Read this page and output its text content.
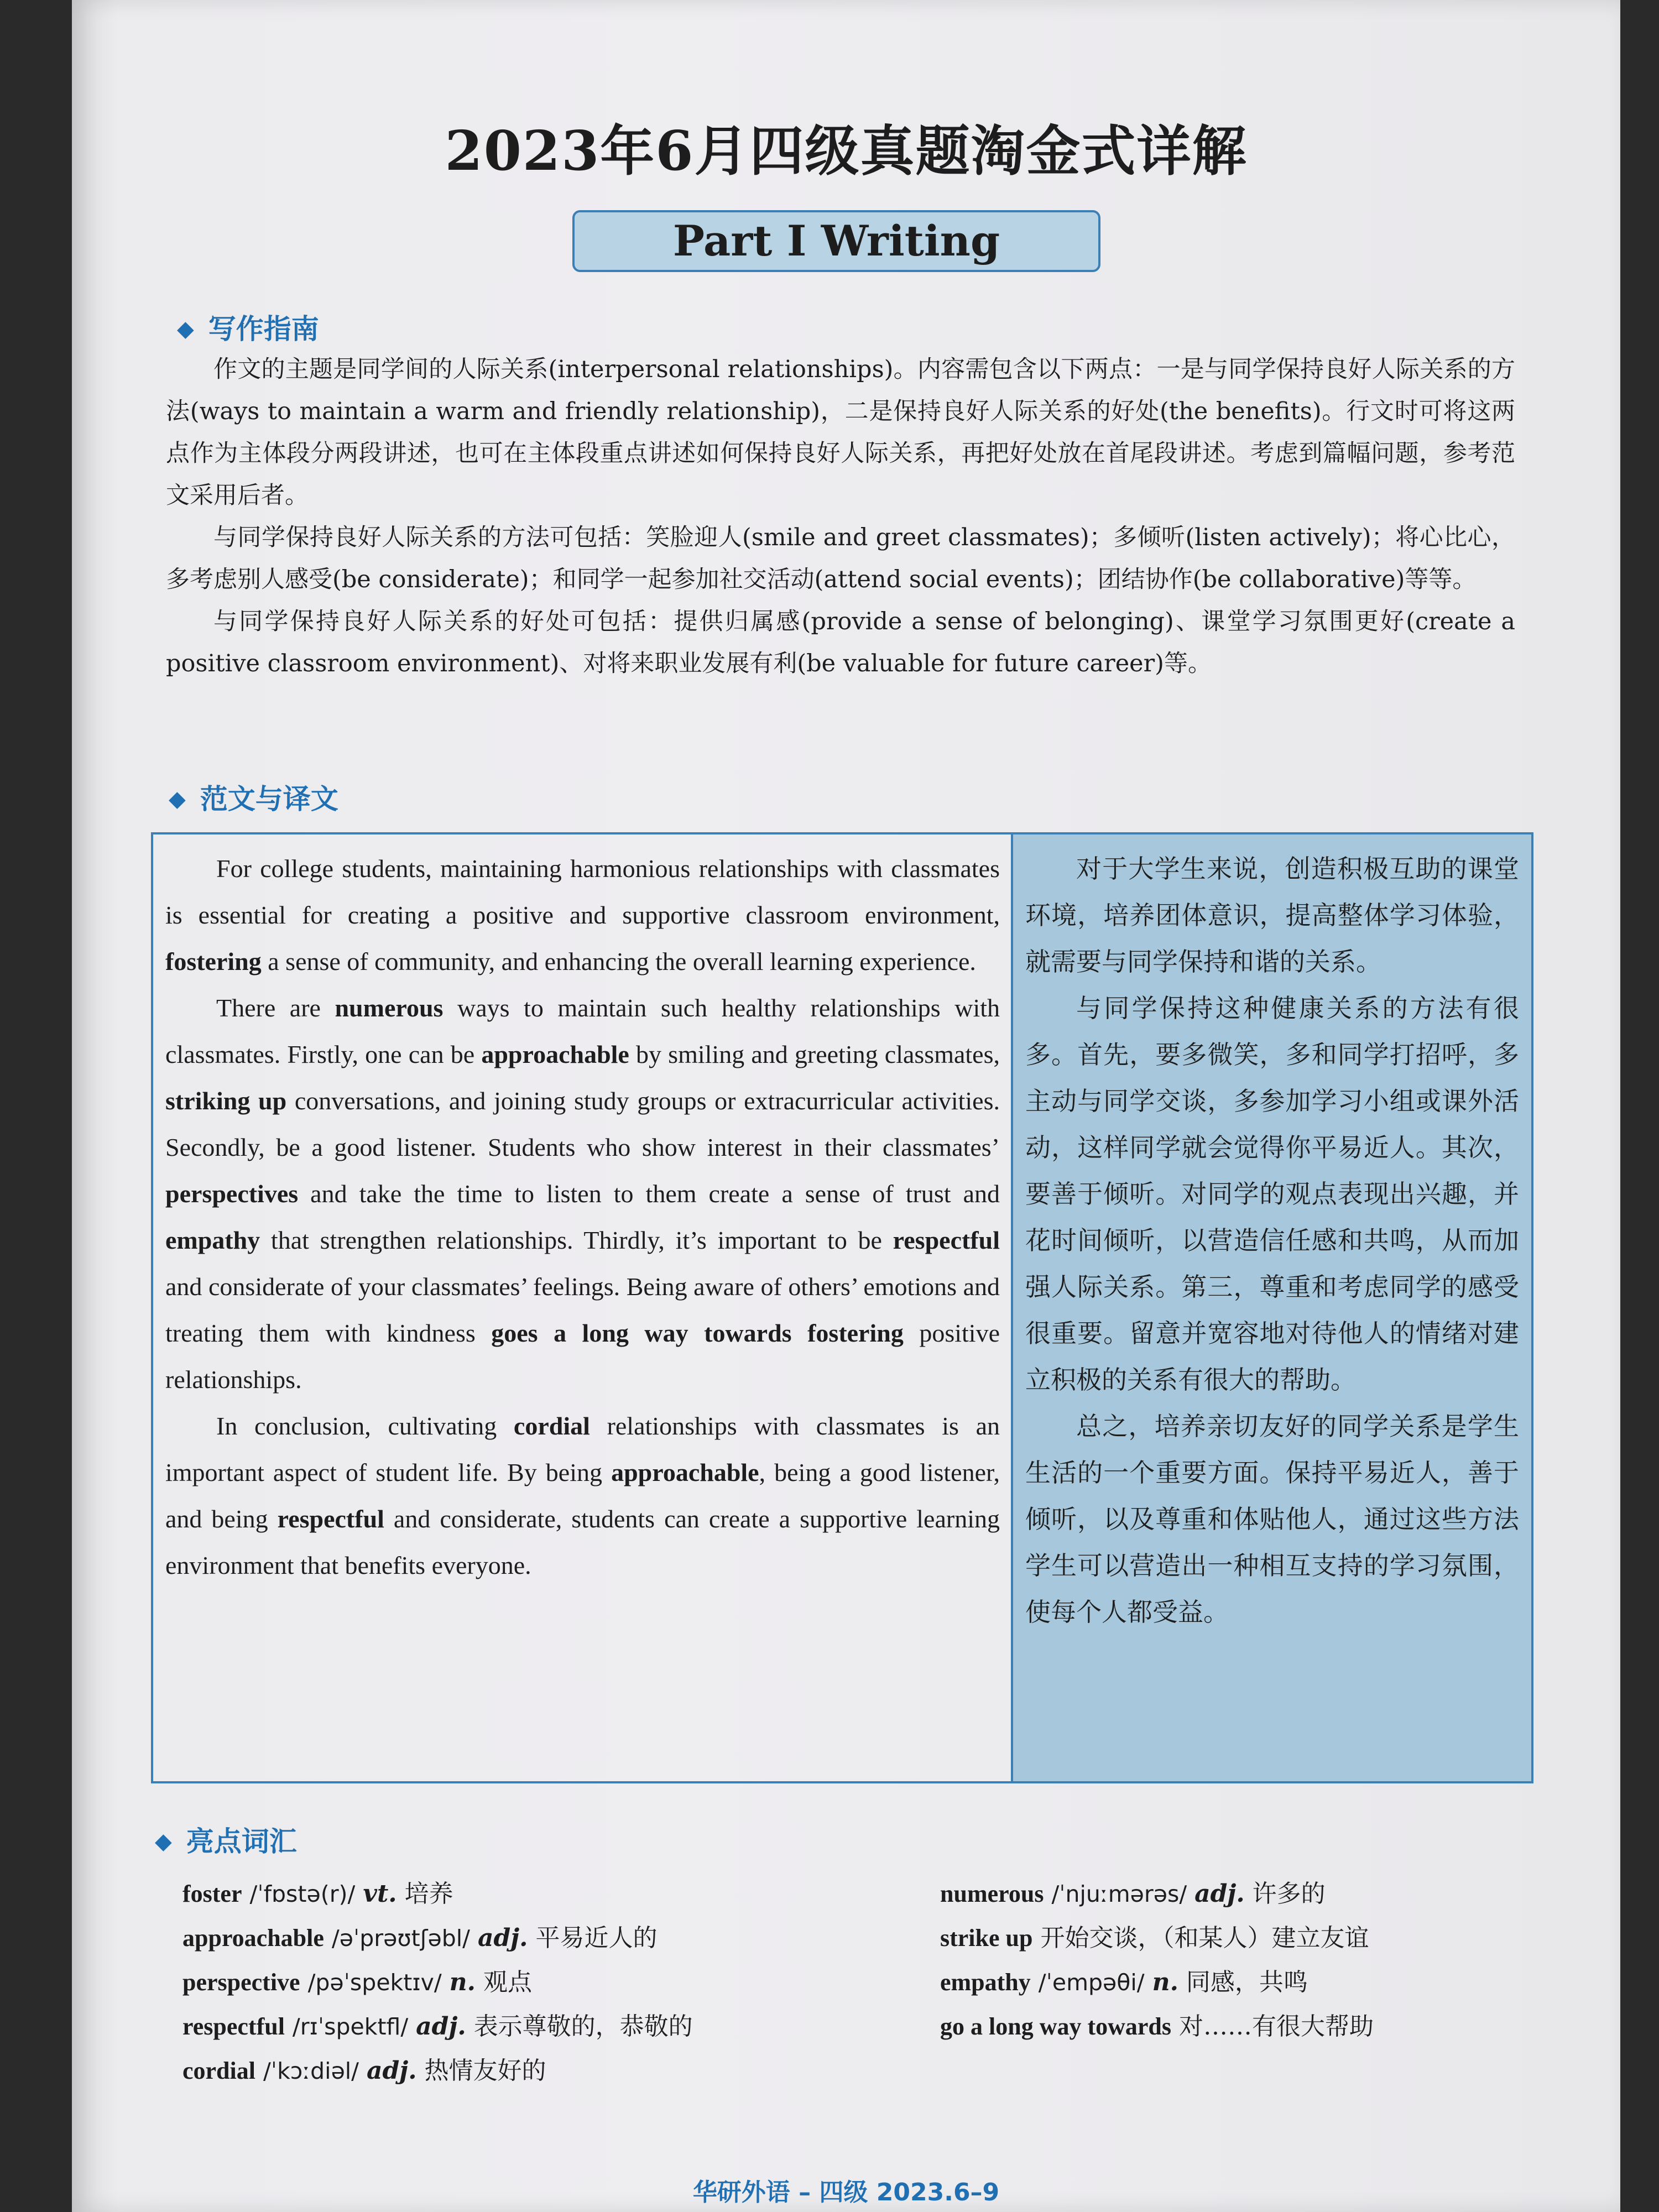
2023年6月四级真题淘金式详解
Part I Writing
◆ 写作指南

作文的主题是同学间的人际关系(interpersonal relationships)。内容需包含以下两点：一是与同学保持良好人际关系的方法(ways to maintain a warm and friendly relationship)，二是保持良好人际关系的好处(the benefits)。行文时可将这两点作为主体段分两段讲述，也可在主体段重点讲述如何保持良好人际关系，再把好处放在首尾段讲述。考虑到篇幅问题，参考范文采用后者。

与同学保持良好人际关系的方法可包括：笑脸迎人(smile and greet classmates)；多倾听(listen actively)；将心比心，多考虑别人感受(be considerate)；和同学一起参加社交活动(attend social events)；团结协作(be collaborative)等等。

与同学保持良好人际关系的好处可包括：提供归属感(provide a sense of belonging)、课堂学习氛围更好(create a positive classroom environment)、对将来职业发展有利(be valuable for future career)等。

◆ 范文与译文

For college students, maintaining harmonious relationships with classmates is essential for creating a positive and supportive classroom environment, fostering a sense of community, and enhancing the overall learning experience.

There are numerous ways to maintain such healthy relationships with classmates. Firstly, one can be approachable by smiling and greeting classmates, striking up conversations, and joining study groups or extracurricular activities. Secondly, be a good listener. Students who show interest in their classmates’ perspectives and take the time to listen to them create a sense of trust and empathy that strengthen relationships. Thirdly, it’s important to be respectful and considerate of your classmates’ feelings. Being aware of others’ emotions and treating them with kindness goes a long way towards fostering positive relationships.

In conclusion, cultivating cordial relationships with classmates is an important aspect of student life. By being approachable, being a good listener, and being respectful and considerate, students can create a supportive learning environment that benefits everyone.

对于大学生来说，创造积极互助的课堂环境，培养团体意识，提高整体学习体验，就需要与同学保持和谐的关系。

与同学保持这种健康关系的方法有很多。首先，要多微笑，多和同学打招呼，多主动与同学交谈，多参加学习小组或课外活动，这样同学就会觉得你平易近人。其次，要善于倾听。对同学的观点表现出兴趣，并花时间倾听，以营造信任感和共鸣，从而加强人际关系。第三，尊重和考虑同学的感受很重要。留意并宽容地对待他人的情绪对建立积极的关系有很大的帮助。

总之，培养亲切友好的同学关系是学生生活的一个重要方面。保持平易近人，善于倾听，以及尊重和体贴他人，通过这些方法学生可以营造出一种相互支持的学习氛围，使每个人都受益。

◆ 亮点词汇
foster /ˈfɒstə(r)/ vt. 培养
approachable /əˈprəʊtʃəbl/ adj. 平易近人的
perspective /pəˈspektɪv/ n. 观点
respectful /rɪˈspektfl/ adj. 表示尊敬的，恭敬的
cordial /ˈkɔːdiəl/ adj. 热情友好的
numerous /ˈnjuːmərəs/ adj. 许多的
strike up 开始交谈，（和某人）建立友谊
empathy /ˈempəθi/ n. 同感，共鸣
go a long way towards 对……有很大帮助
华研外语 – 四级 2023.6–9
